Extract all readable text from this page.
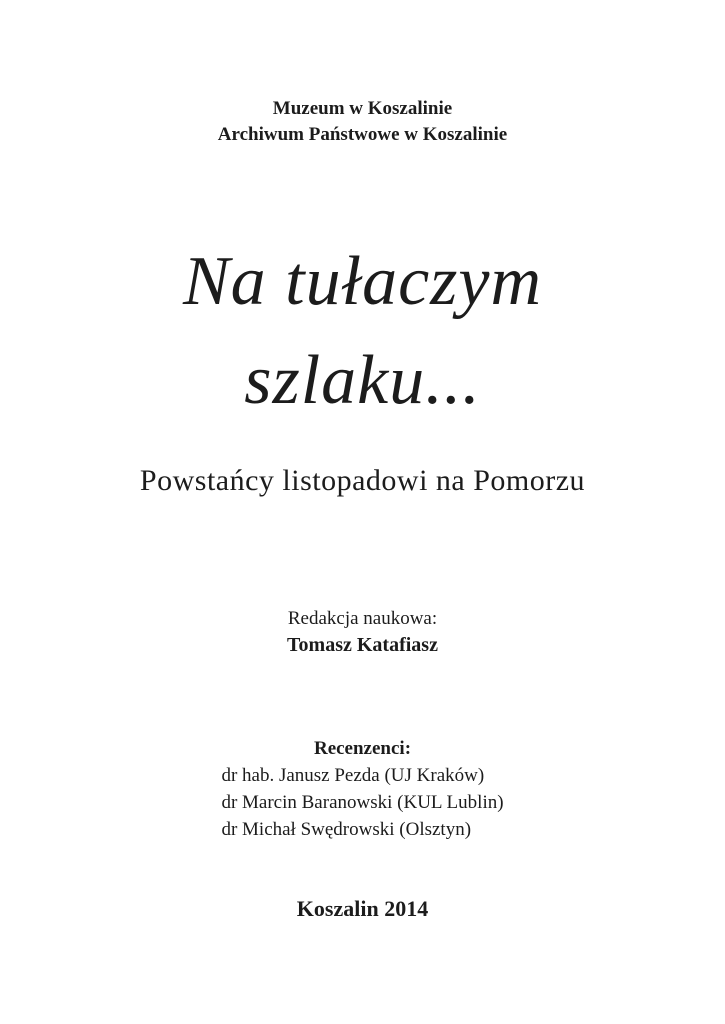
Muzeum w Koszalinie
Archiwum Państwowe w Koszalinie
Na tułaczym
szlaku...
Powstańcy listopadowi na Pomorzu
Redakcja naukowa:
Tomasz Katafiasz
Recenzenci:
dr hab. Janusz Pezda (UJ Kraków)
dr Marcin Baranowski (KUL Lublin)
dr Michał Swędrowski (Olsztyn)
Koszalin 2014
